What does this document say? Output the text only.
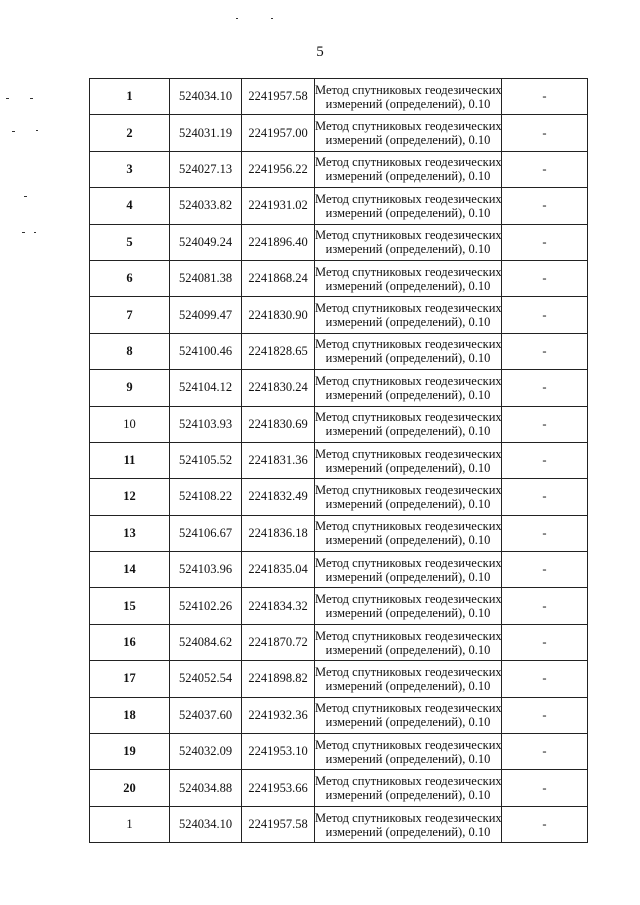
5
1	524034.10	2241957.58	Метод спутниковых геодезических
измерений (определений), 0.10	-
2	524031.19	2241957.00	Метод спутниковых геодезических
измерений (определений), 0.10	-
3	524027.13	2241956.22	Метод спутниковых геодезических
измерений (определений), 0.10	-
4	524033.82	2241931.02	Метод спутниковых геодезических
измерений (определений), 0.10	-
5	524049.24	2241896.40	Метод спутниковых геодезических
измерений (определений), 0.10	-
6	524081.38	2241868.24	Метод спутниковых геодезических
измерений (определений), 0.10	-
7	524099.47	2241830.90	Метод спутниковых геодезических
измерений (определений), 0.10	-
8	524100.46	2241828.65	Метод спутниковых геодезических
измерений (определений), 0.10	-
9	524104.12	2241830.24	Метод спутниковых геодезических
измерений (определений), 0.10	-
10	524103.93	2241830.69	Метод спутниковых геодезических
измерений (определений), 0.10	-
11	524105.52	2241831.36	Метод спутниковых геодезических
измерений (определений), 0.10	-
12	524108.22	2241832.49	Метод спутниковых геодезических
измерений (определений), 0.10	-
13	524106.67	2241836.18	Метод спутниковых геодезических
измерений (определений), 0.10	-
14	524103.96	2241835.04	Метод спутниковых геодезических
измерений (определений), 0.10	-
15	524102.26	2241834.32	Метод спутниковых геодезических
измерений (определений), 0.10	-
16	524084.62	2241870.72	Метод спутниковых геодезических
измерений (определений), 0.10	-
17	524052.54	2241898.82	Метод спутниковых геодезических
измерений (определений), 0.10	-
18	524037.60	2241932.36	Метод спутниковых геодезических
измерений (определений), 0.10	-
19	524032.09	2241953.10	Метод спутниковых геодезических
измерений (определений), 0.10	-
20	524034.88	2241953.66	Метод спутниковых геодезических
измерений (определений), 0.10	-
1	524034.10	2241957.58	Метод спутниковых геодезических
измерений (определений), 0.10	-
